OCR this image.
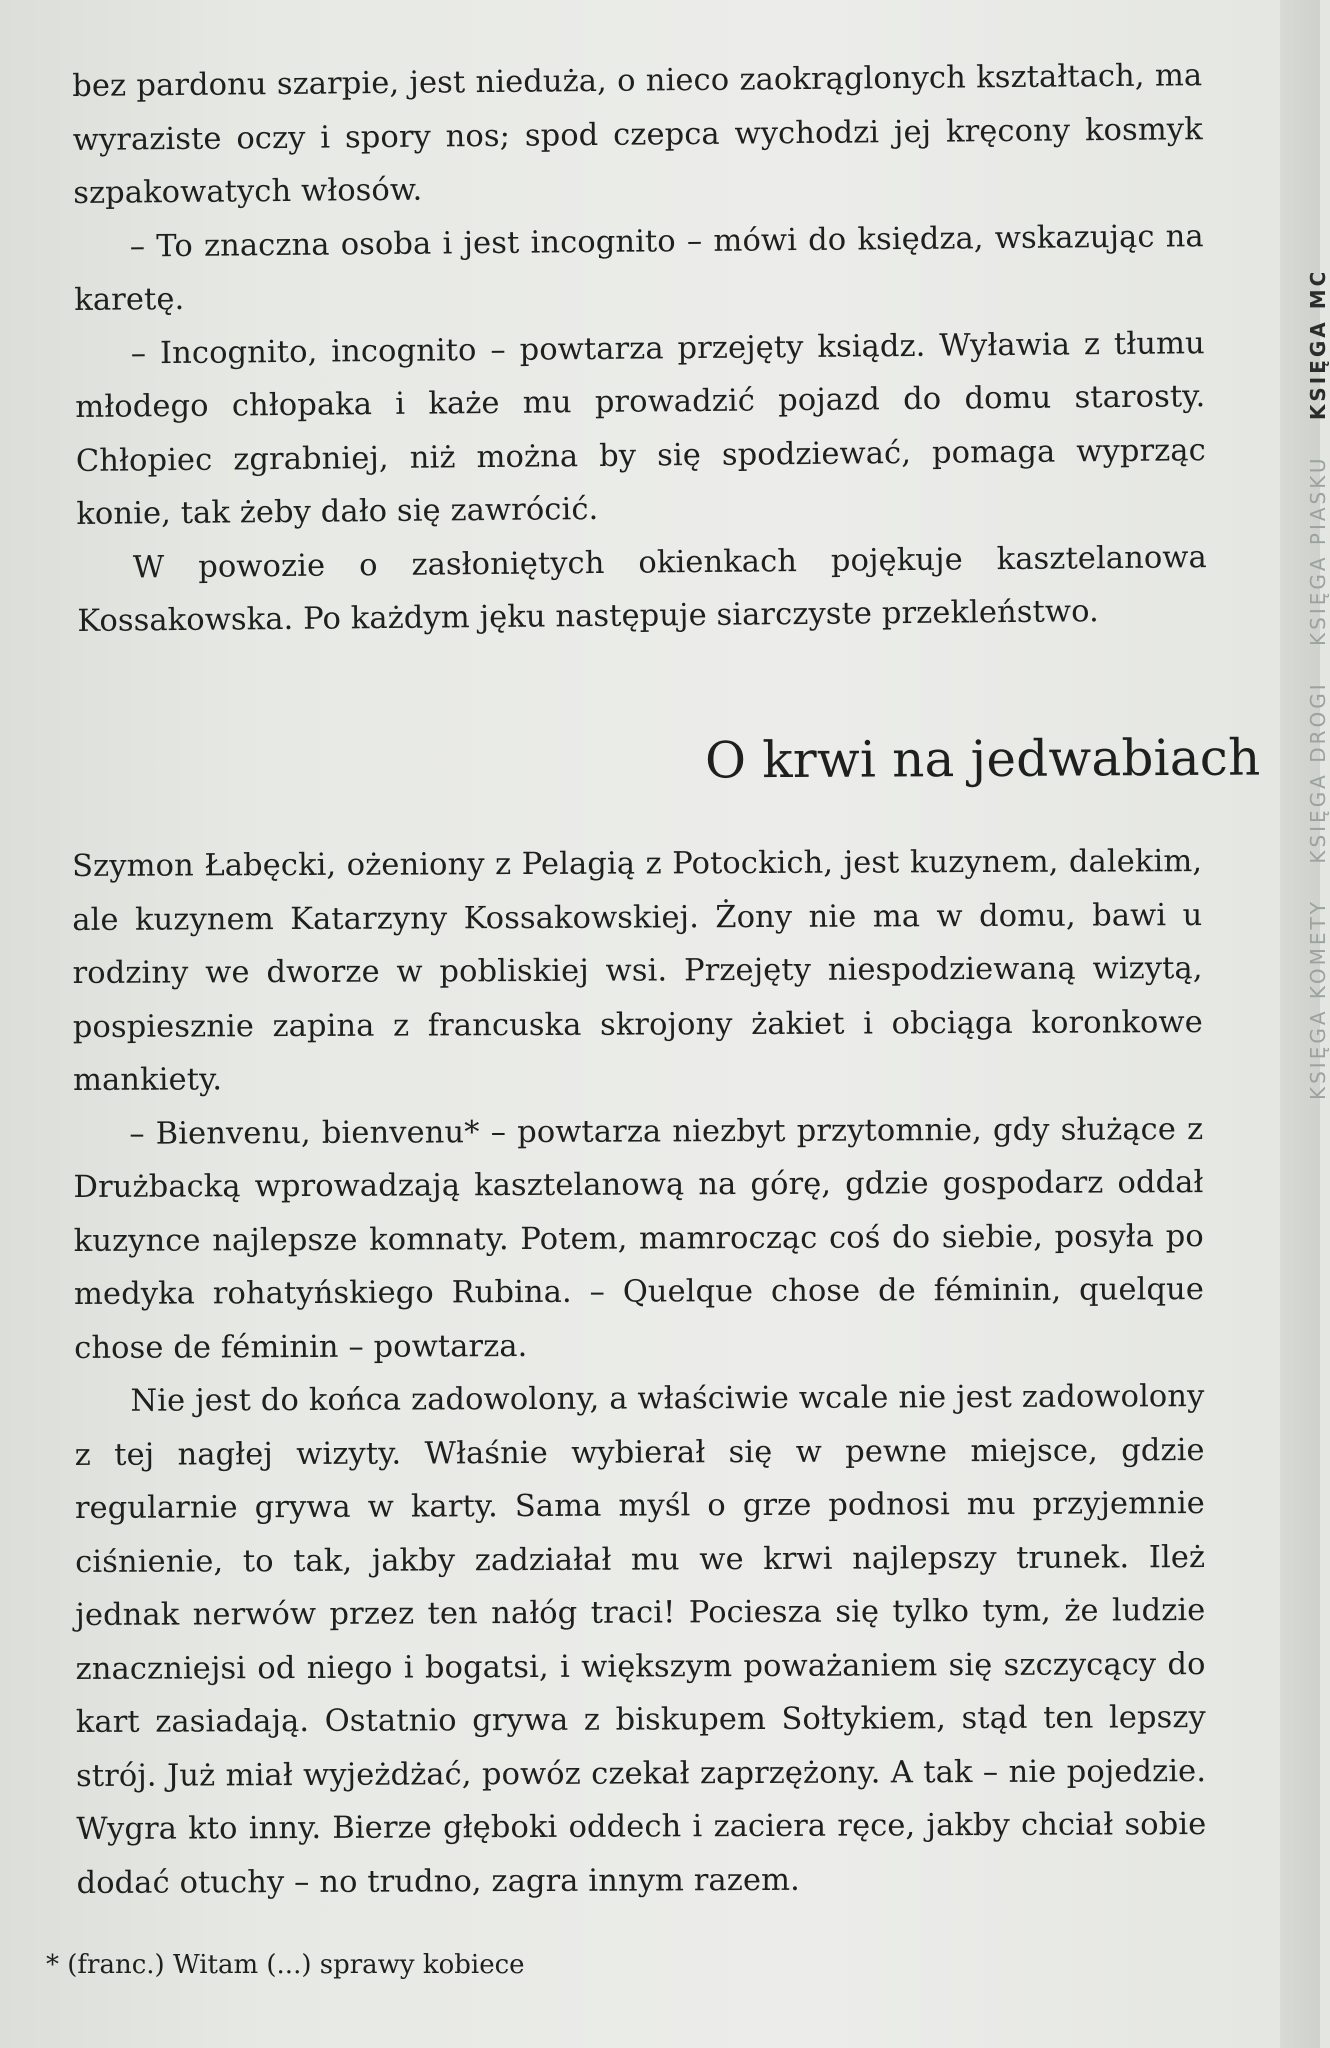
bez pardonu szarpie, jest nieduża, o nieco zaokrąglonych kształtach, ma wyraziste oczy i spory nos; spod czepca wychodzi jej kręcony kosmyk szpakowatych włosów.

– To znaczna osoba i jest incognito – mówi do księdza, wskazując na karetę.

– Incognito, incognito – powtarza przejęty ksiądz. Wyławia z tłumu młodego chłopaka i każe mu prowadzić pojazd do domu starosty. Chłopiec zgrabniej, niż można by się spodziewać, pomaga wyprząc konie, tak żeby dało się zawrócić.

W powozie o zasłoniętych okienkach pojękuje kasztelanowa Kossakowska. Po każdym jęku następuje siarczyste przekleństwo.

O krwi na jedwabiach

Szymon Łabęcki, ożeniony z Pelagią z Potockich, jest kuzynem, dalekim, ale kuzynem Katarzyny Kossakowskiej. Żony nie ma w domu, bawi u rodziny we dworze w pobliskiej wsi. Przejęty niespodziewaną wizytą, pospiesznie zapina z francuska skrojony żakiet i obciąga koronkowe mankiety.

– Bienvenu, bienvenu* – powtarza niezbyt przytomnie, gdy służące z Drużbacką wprowadzają kasztelanową na górę, gdzie gospodarz oddał kuzynce najlepsze komnaty. Potem, mamrocząc coś do siebie, posyła po medyka rohatyńskiego Rubina. – Quelque chose de féminin, quelque chose de féminin – powtarza.

Nie jest do końca zadowolony, a właściwie wcale nie jest zadowolony z tej nagłej wizyty. Właśnie wybierał się w pewne miejsce, gdzie regularnie grywa w karty. Sama myśl o grze podnosi mu przyjemnie ciśnienie, to tak, jakby zadziałał mu we krwi najlepszy trunek. Ileż jednak nerwów przez ten nałóg traci! Pociesza się tylko tym, że ludzie znaczniejsi od niego i bogatsi, i większym poważaniem się szczycący do kart zasiadają. Ostatnio grywa z biskupem Sołtykiem, stąd ten lepszy strój. Już miał wyjeżdżać, powóz czekał zaprzężony. A tak – nie pojedzie. Wygra kto inny. Bierze głęboki oddech i zaciera ręce, jakby chciał sobie dodać otuchy – no trudno, zagra innym razem.

* (franc.) Witam (...) sprawy kobiece

KSIĘGA KOMETY KSIĘGA DROGI KSIĘGA PIASKU KSIĘGA MC
